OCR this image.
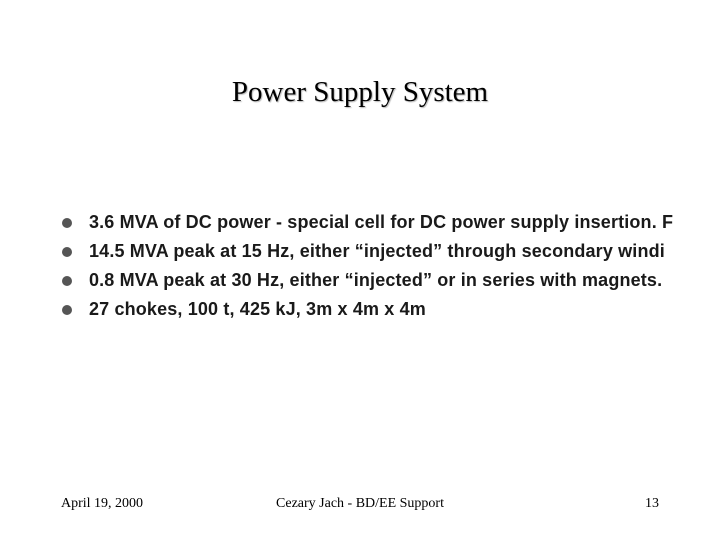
Power Supply System
3.6 MVA of DC power - special cell for DC power supply insertion. F
14.5 MVA peak at 15 Hz, either “injected” through secondary windi
0.8 MVA peak at 30 Hz, either “injected” or in series with magnets.
27 chokes, 100 t, 425 kJ, 3m x 4m x 4m
April 19, 2000	Cezary Jach - BD/EE Support	13
